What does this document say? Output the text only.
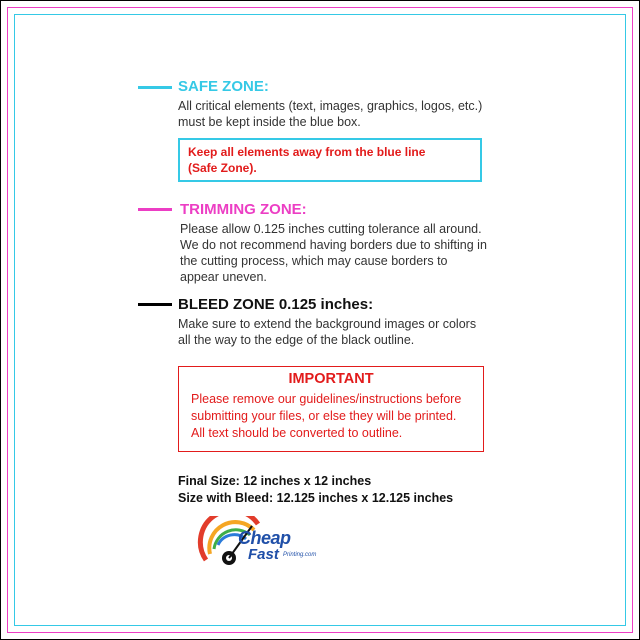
SAFE ZONE:
All critical elements (text, images, graphics, logos, etc.)
must be kept inside the blue box.
Keep all elements away from the blue line
(Safe Zone).
TRIMMING ZONE:
Please allow 0.125 inches cutting tolerance all around.
We do not recommend having borders due to shifting in
the cutting process, which may cause borders to
appear uneven.
BLEED ZONE 0.125 inches:
Make sure to extend the background images or colors
all the way to the edge of the black outline.
IMPORTANT
Please remove our guidelines/instructions before
submitting your files, or else they will be printed.
All text should be converted to outline.
Final Size: 12 inches x 12 inches
Size with Bleed: 12.125 inches x 12.125 inches
Cheap
Fast Printing.com
